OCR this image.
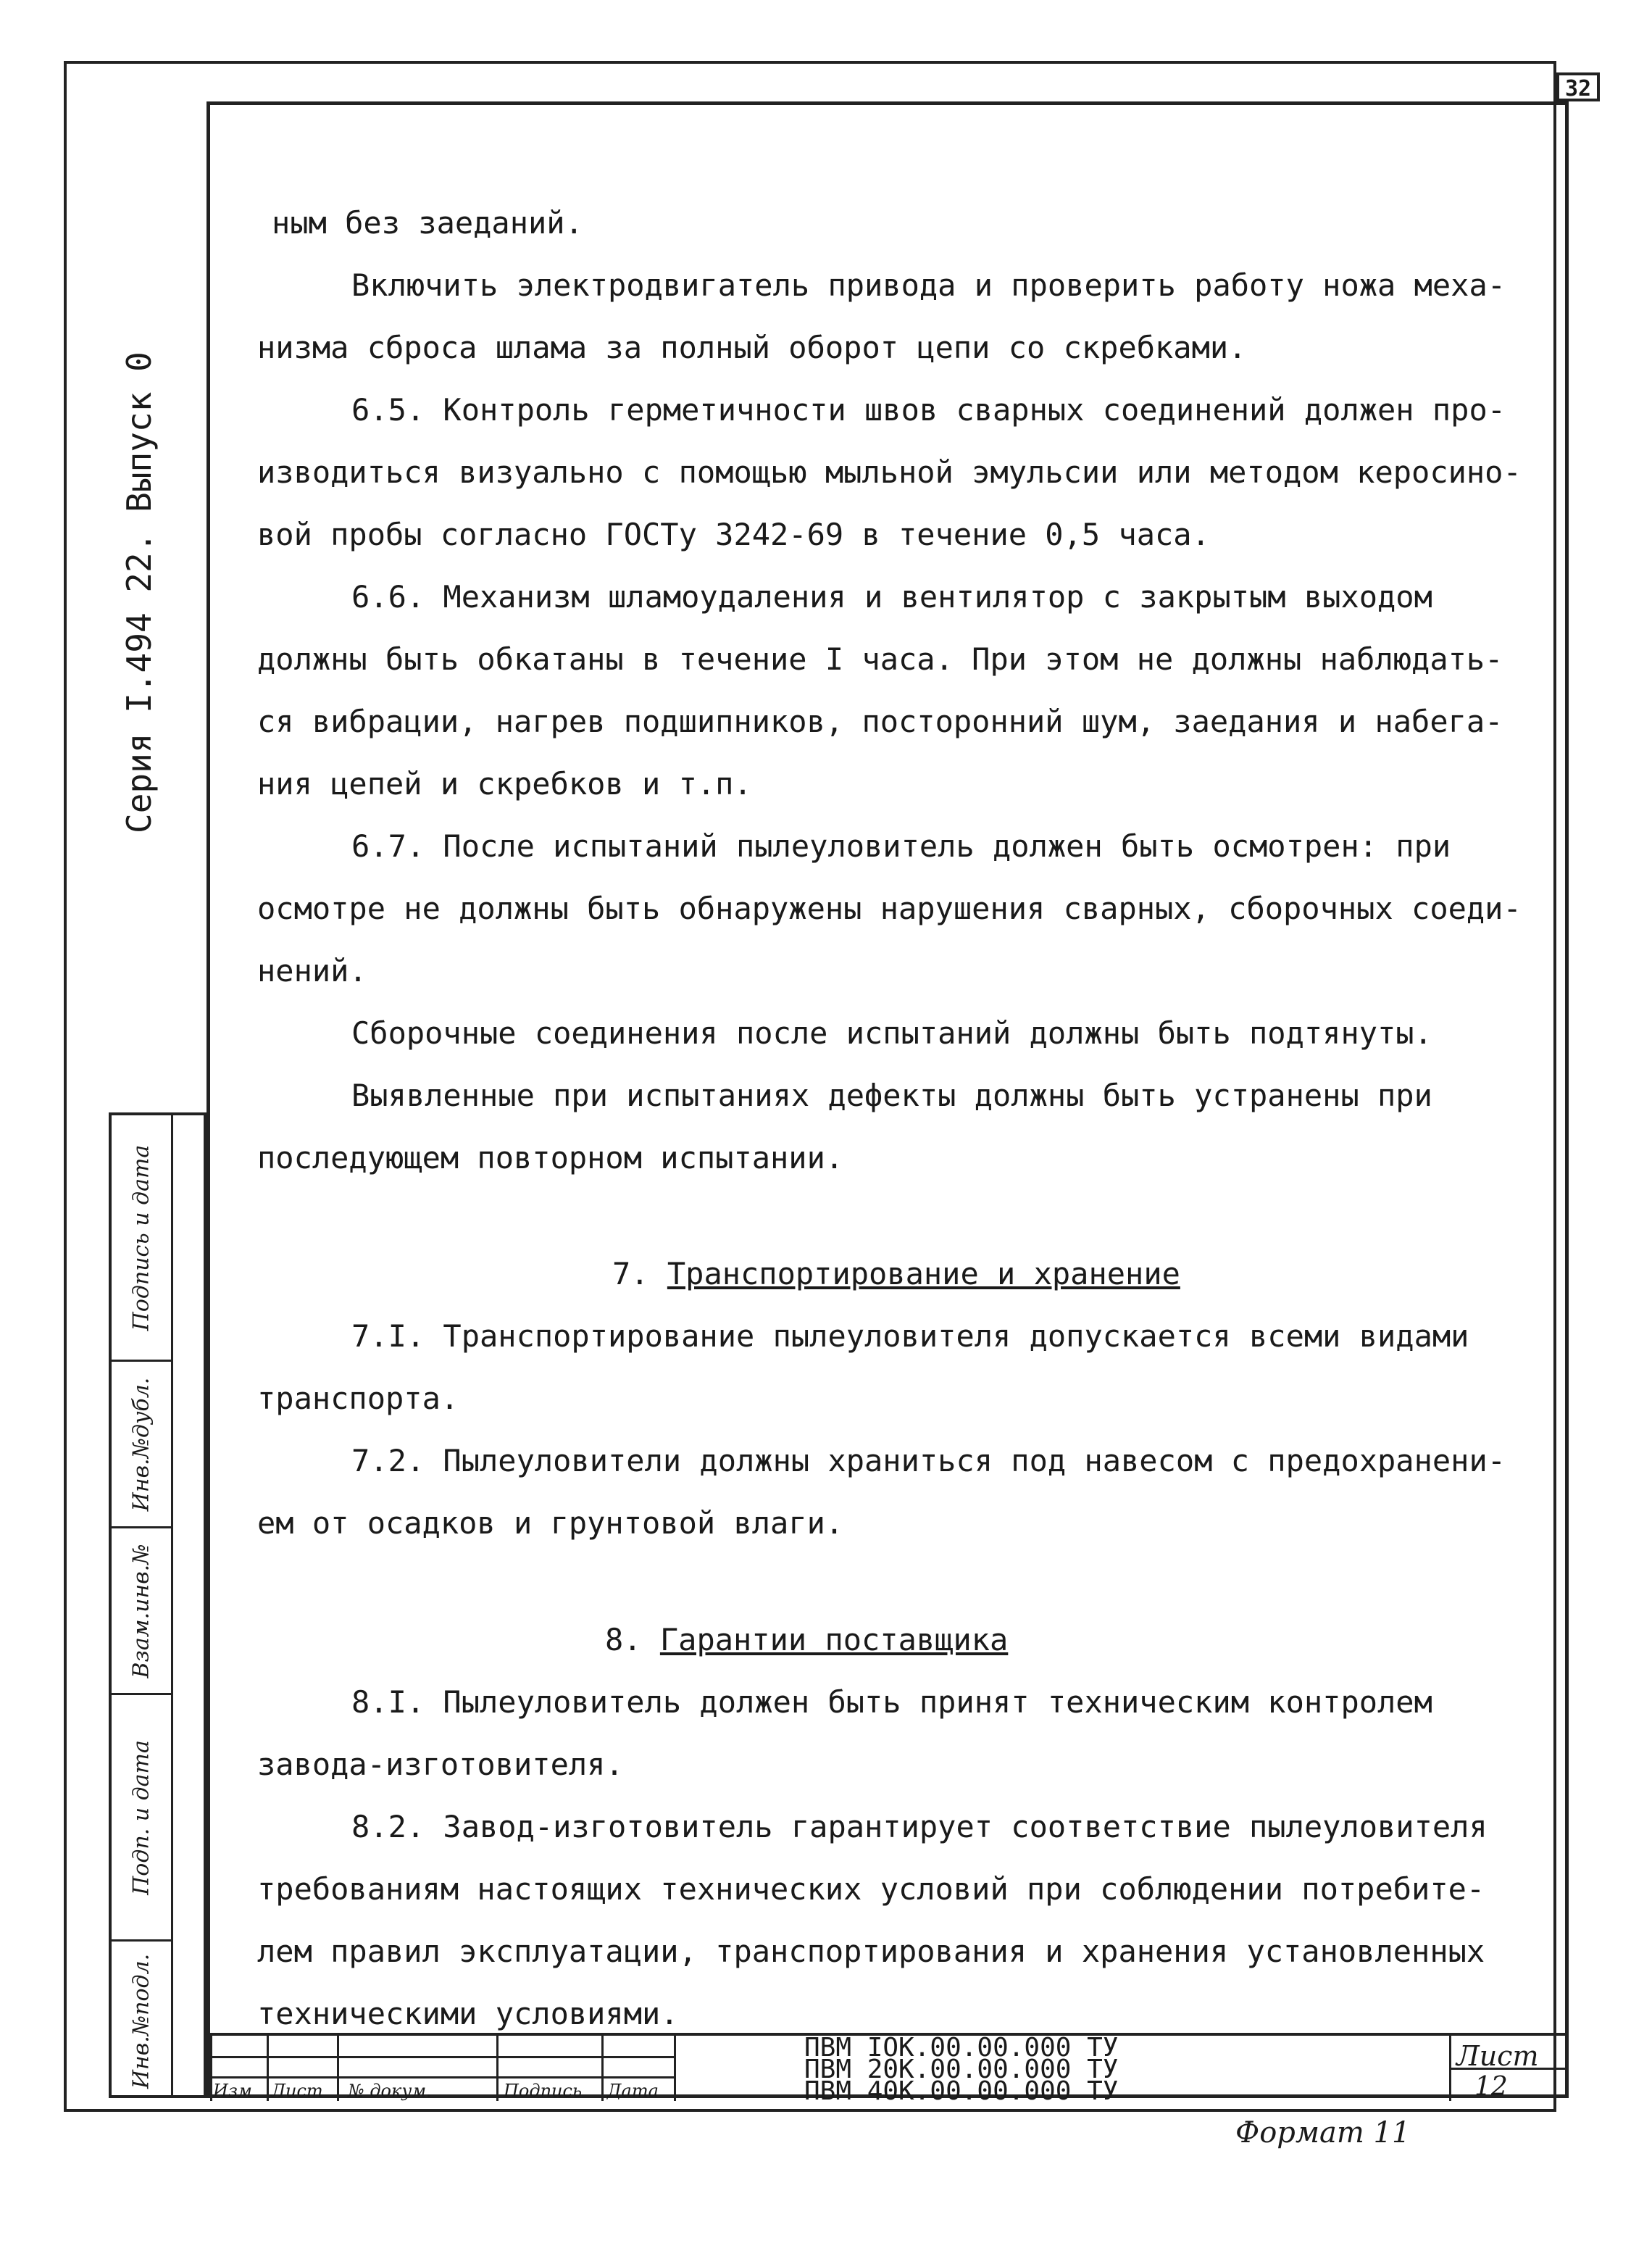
32
Серия I.494 22. Выпуск 0
ным без заеданий.
Включить электродвигатель привода и проверить работу ножа меха-
низма сброса шлама за полный оборот цепи со скребками.
6.5. Контроль герметичности швов сварных соединений должен про-
изводиться визуально с помощью мыльной эмульсии или методом керосино-
вой пробы согласно ГОСТу 3242-69 в течение 0,5 часа.
6.6. Механизм шламоудаления и вентилятор с закрытым выходом
должны быть обкатаны в течение I часа. При этом не должны наблюдать-
ся вибрации, нагрев подшипников, посторонний шум, заедания и набега-
ния цепей и скребков и т.п.
6.7. После испытаний пылеуловитель должен быть осмотрен: при
осмотре не должны быть обнаружены нарушения сварных, сборочных соеди-
нений.
Сборочные соединения после испытаний должны быть подтянуты.
Выявленные при испытаниях дефекты должны быть устранены при
последующем повторном испытании.
7. Транспортирование и хранение
7.I. Транспортирование пылеуловителя допускается всеми видами
транспорта.
7.2. Пылеуловители должны храниться под навесом с предохранени-
ем от осадков и грунтовой влаги.
8. Гарантии поставщика
8.I. Пылеуловитель должен быть принят техническим контролем
завода-изготовителя.
8.2. Завод-изготовитель гарантирует соответствие пылеуловителя
требованиям настоящих технических условий при соблюдении потребите-
лем правил эксплуатации, транспортирования и хранения установленных
техническими условиями.
Подпись и дата
Инв.№дубл.
Взам.инв.№
Подп. и дата
Инв.№подл.
Изм Лист № докум.	Подпись Дата
ПВМ IOК.00.00.000 ТУ
ПВМ 20К.00.00.000 ТУ
ПВМ 40К.00.00.000 ТУ
Лист
12
Формат 11
